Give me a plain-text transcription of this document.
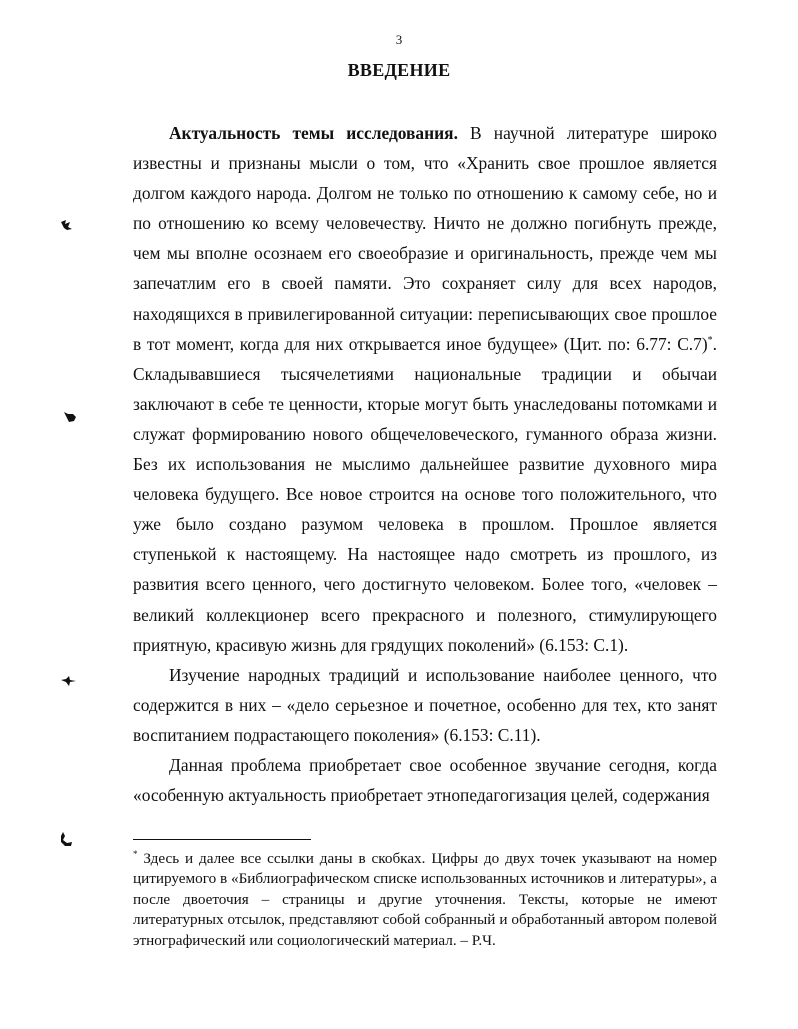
3
ВВЕДЕНИЕ

Актуальность темы исследования. В научной литературе широко известны и признаны мысли о том, что «Хранить свое прошлое является долгом каждого народа. Долгом не только по отношению к самому себе, но и по отношению ко всему человечеству. Ничто не должно погибнуть прежде, чем мы вполне осознаем его своеобразие и оригинальность, прежде чем мы запечатлим его в своей памяти. Это сохраняет силу для всех народов, находящихся в привилегированной ситуации: переписывающих свое прошлое в тот момент, когда для них открывается иное будущее» (Цит. по: 6.77: С.7)*. Складывавшиеся тысячелетиями национальные традиции и обычаи заключают в себе те ценности, кторые могут быть унаследованы потомками и служат формированию нового общечеловеческого, гуманного образа жизни. Без их использования не мыслимо дальнейшее развитие духовного мира человека будущего. Все новое строится на основе того положительного, что уже было создано разумом человека в прошлом. Прошлое является ступенькой к настоящему. На настоящее надо смотреть из прошлого, из развития всего ценного, чего достигнуто человеком. Более того, «человек – великий коллекционер всего прекрасного и полезного, стимулирующего приятную, красивую жизнь для грядущих поколений» (6.153: С.1).

Изучение народных традиций и использование наиболее ценного, что содержится в них – «дело серьезное и почетное, особенно для тех, кто занят воспитанием подрастающего поколения» (6.153: С.11).

Данная проблема приобретает свое особенное звучание сегодня, когда «особенную актуальность приобретает этнопедагогизация целей, содержания

* Здесь и далее все ссылки даны в скобках. Цифры до двух точек указывают на номер цитируемого в «Библиографическом списке использованных источников и литературы», а после двоеточия – страницы и другие уточнения. Тексты, которые не имеют литературных отсылок, представляют собой собранный и обработанный автором полевой этнографический или социологический материал. – Р.Ч.
